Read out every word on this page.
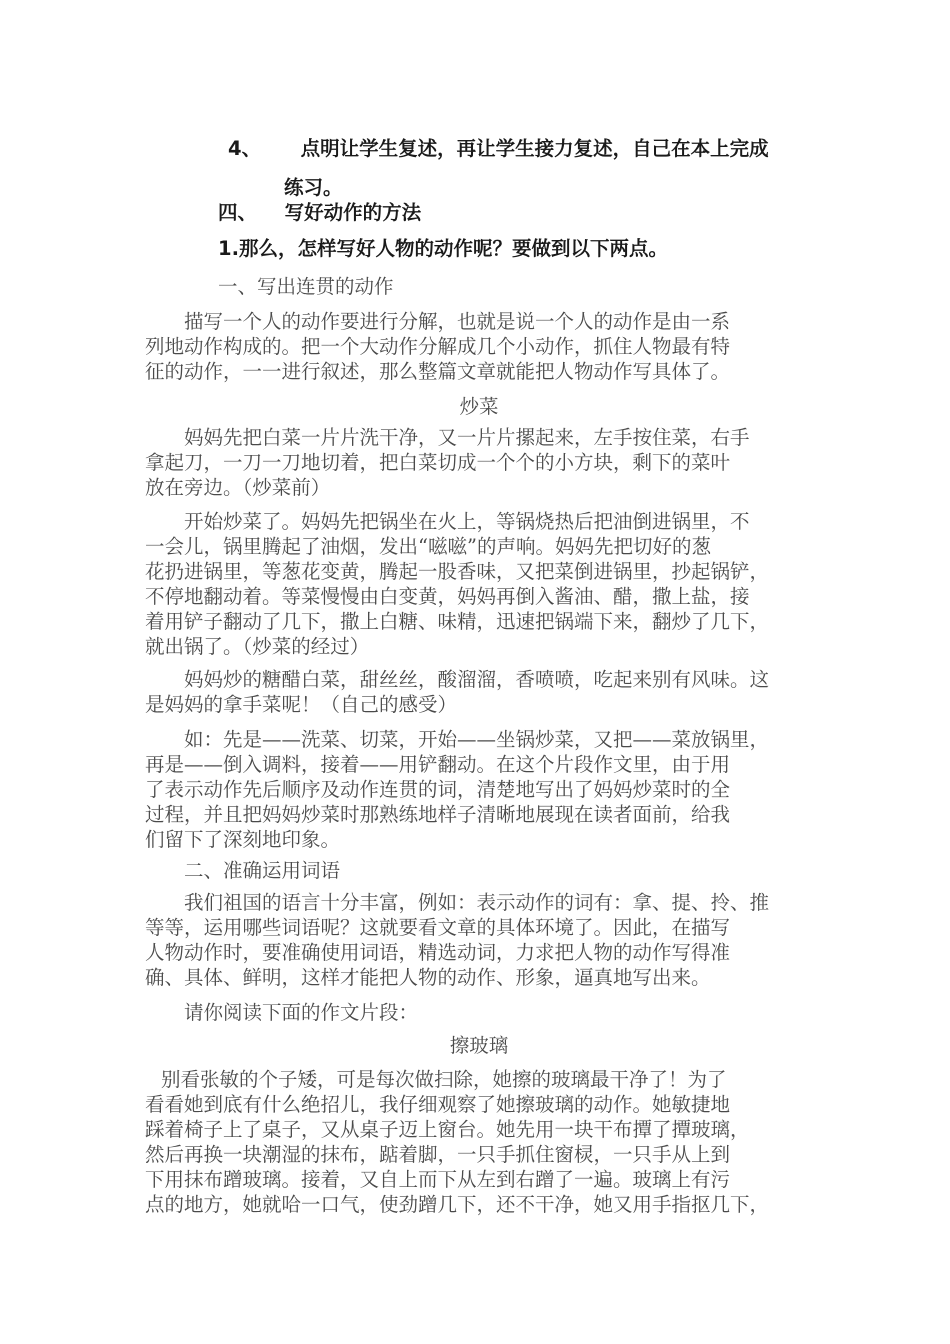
4、 点明让学生复述，再让学生接力复述，自己在本上完成
练习。
四、 写好动作的方法
1.那么，怎样写好人物的动作呢？要做到以下两点。
一、写出连贯的动作
描写一个人的动作要进行分解，也就是说一个人的动作是由一系
列地动作构成的。把一个大动作分解成几个小动作，抓住人物最有特
征的动作，一一进行叙述，那么整篇文章就能把人物动作写具体了。
炒菜
妈妈先把白菜一片片洗干净，又一片片摞起来，左手按住菜，右手
拿起刀，一刀一刀地切着，把白菜切成一个个的小方块，剩下的菜叶
放在旁边。（炒菜前）
开始炒菜了。妈妈先把锅坐在火上，等锅烧热后把油倒进锅里，不
一会儿，锅里腾起了油烟，发出“嗞嗞”的声响。妈妈先把切好的葱
花扔进锅里，等葱花变黄，腾起一股香味，又把菜倒进锅里，抄起锅铲，
不停地翻动着。等菜慢慢由白变黄，妈妈再倒入酱油、醋，撒上盐，接
着用铲子翻动了几下，撒上白糖、味精，迅速把锅端下来，翻炒了几下，
就出锅了。（炒菜的经过）
妈妈炒的糖醋白菜，甜丝丝，酸溜溜，香喷喷，吃起来别有风味。这
是妈妈的拿手菜呢！（自己的感受）
如：先是——洗菜、切菜，开始——坐锅炒菜，又把——菜放锅里，
再是——倒入调料，接着——用铲翻动。在这个片段作文里，由于用
了表示动作先后顺序及动作连贯的词，清楚地写出了妈妈炒菜时的全
过程，并且把妈妈炒菜时那熟练地样子清晰地展现在读者面前，给我
们留下了深刻地印象。
二、准确运用词语
我们祖国的语言十分丰富，例如：表示动作的词有：拿、提、拎、推
等等，运用哪些词语呢？这就要看文章的具体环境了。因此，在描写
人物动作时，要准确使用词语，精选动词，力求把人物的动作写得准
确、具体、鲜明，这样才能把人物的动作、形象，逼真地写出来。
请你阅读下面的作文片段：
擦玻璃
别看张敏的个子矮，可是每次做扫除，她擦的玻璃最干净了！为了
看看她到底有什么绝招儿，我仔细观察了她擦玻璃的动作。她敏捷地
踩着椅子上了桌子，又从桌子迈上窗台。她先用一块干布撢了撢玻璃，
然后再换一块潮湿的抹布，踮着脚，一只手抓住窗棂，一只手从上到
下用抹布蹭玻璃。接着，又自上而下从左到右蹭了一遍。玻璃上有污
点的地方，她就哈一口气，使劲蹭几下，还不干净，她又用手指抠几下，
